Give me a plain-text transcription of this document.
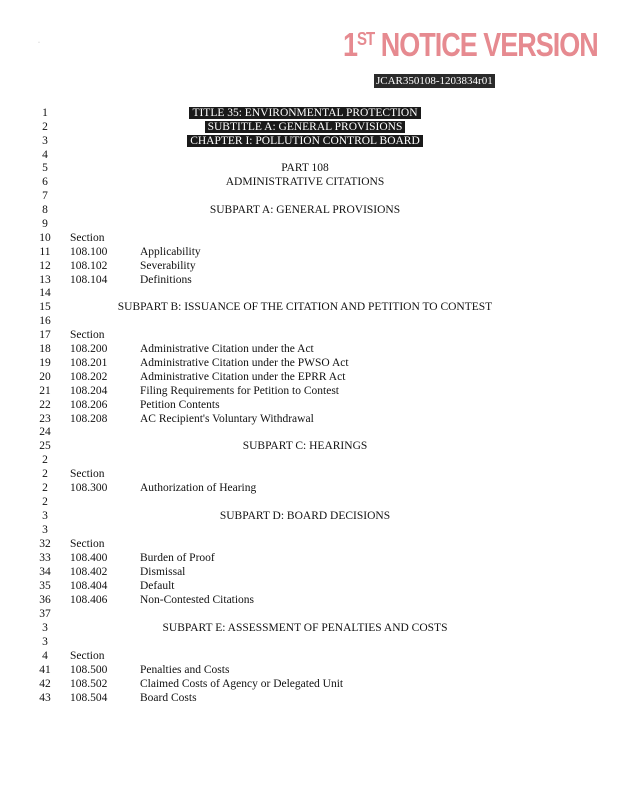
·	1ST NOTICE VERSION
JCAR350108-1203834r01
1	TITLE 35: ENVIRONMENTAL PROTECTION
2	SUBTITLE A: GENERAL PROVISIONS
3	CHAPTER I: POLLUTION CONTROL BOARD
4
5	PART 108
6	ADMINISTRATIVE CITATIONS
7
8	SUBPART A: GENERAL PROVISIONS
9
10	Section
11	108.100	Applicability
12	108.102	Severability
13	108.104	Definitions
14
15	SUBPART B: ISSUANCE OF THE CITATION AND PETITION TO CONTEST
16
17	Section
18	108.200	Administrative Citation under the Act
19	108.201	Administrative Citation under the PWSO Act
20	108.202	Administrative Citation under the EPRR Act
21	108.204	Filing Requirements for Petition to Contest
22	108.206	Petition Contents
23	108.208	AC Recipient's Voluntary Withdrawal
24
25	SUBPART C: HEARINGS
2
2	Section
2	108.300	Authorization of Hearing
2
3	SUBPART D: BOARD DECISIONS
3
32	Section
33	108.400	Burden of Proof
34	108.402	Dismissal
35	108.404	Default
36	108.406	Non-Contested Citations
37
3	SUBPART E: ASSESSMENT OF PENALTIES AND COSTS
3
4	Section
41	108.500	Penalties and Costs
42	108.502	Claimed Costs of Agency or Delegated Unit
43	108.504	Board Costs
